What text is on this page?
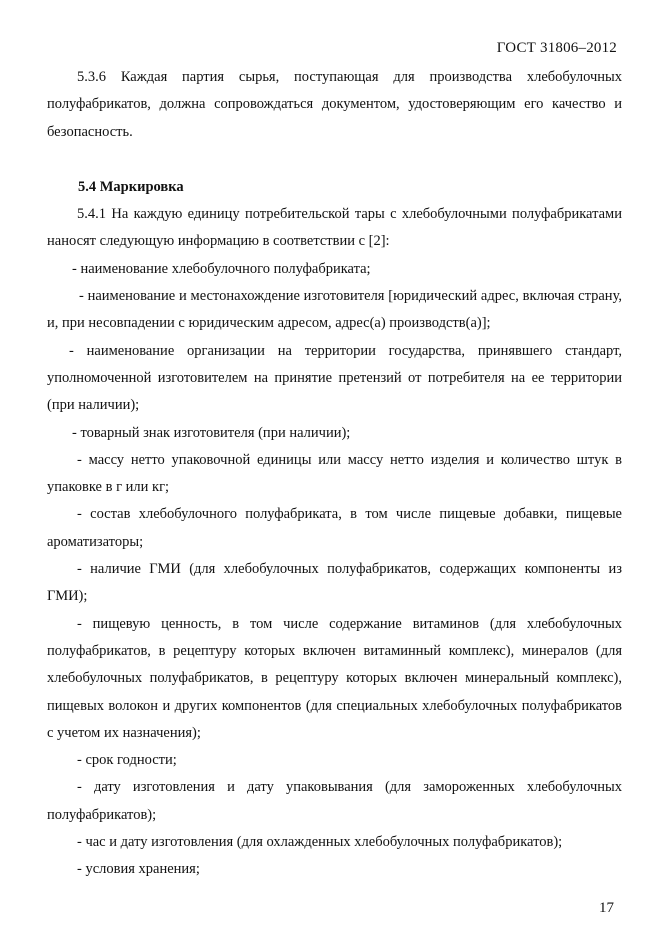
ГОСТ 31806–2012

5.3.6 Каждая партия сырья, поступающая для производства хлебобулочных полуфабрикатов, должна сопровождаться документом, удостоверяющим его качество и безопасность.

5.4 Маркировка

5.4.1 На каждую единицу потребительской тары с хлебобулочными полуфабрикатами наносят следующую информацию в соответствии с [2]:

- наименование хлебобулочного полуфабриката;

- наименование и местонахождение изготовителя [юридический адрес, включая страну, и, при несовпадении с юридическим адресом, адрес(а) производств(а)];

- наименование организации на территории государства, принявшего стандарт, уполномоченной изготовителем на принятие претензий от потребителя на ее территории (при наличии);

- товарный знак изготовителя (при наличии);

- массу нетто упаковочной единицы или массу нетто изделия и количество штук в упаковке в г или кг;

- состав хлебобулочного полуфабриката, в том числе пищевые добавки, пищевые ароматизаторы;

- наличие ГМИ (для хлебобулочных полуфабрикатов, содержащих компоненты из ГМИ);

- пищевую ценность, в том числе содержание витаминов (для хлебобулочных полуфабрикатов, в рецептуру которых включен витаминный комплекс), минералов (для хлебобулочных полуфабрикатов, в рецептуру которых включен минеральный комплекс), пищевых волокон и других компонентов (для специальных хлебобулочных полуфабрикатов с учетом их назначения);

- срок годности;

- дату изготовления и дату упаковывания (для замороженных хлебобулочных полуфабрикатов);

- час и дату изготовления (для охлажденных хлебобулочных полуфабрикатов);

- условия хранения;

17
